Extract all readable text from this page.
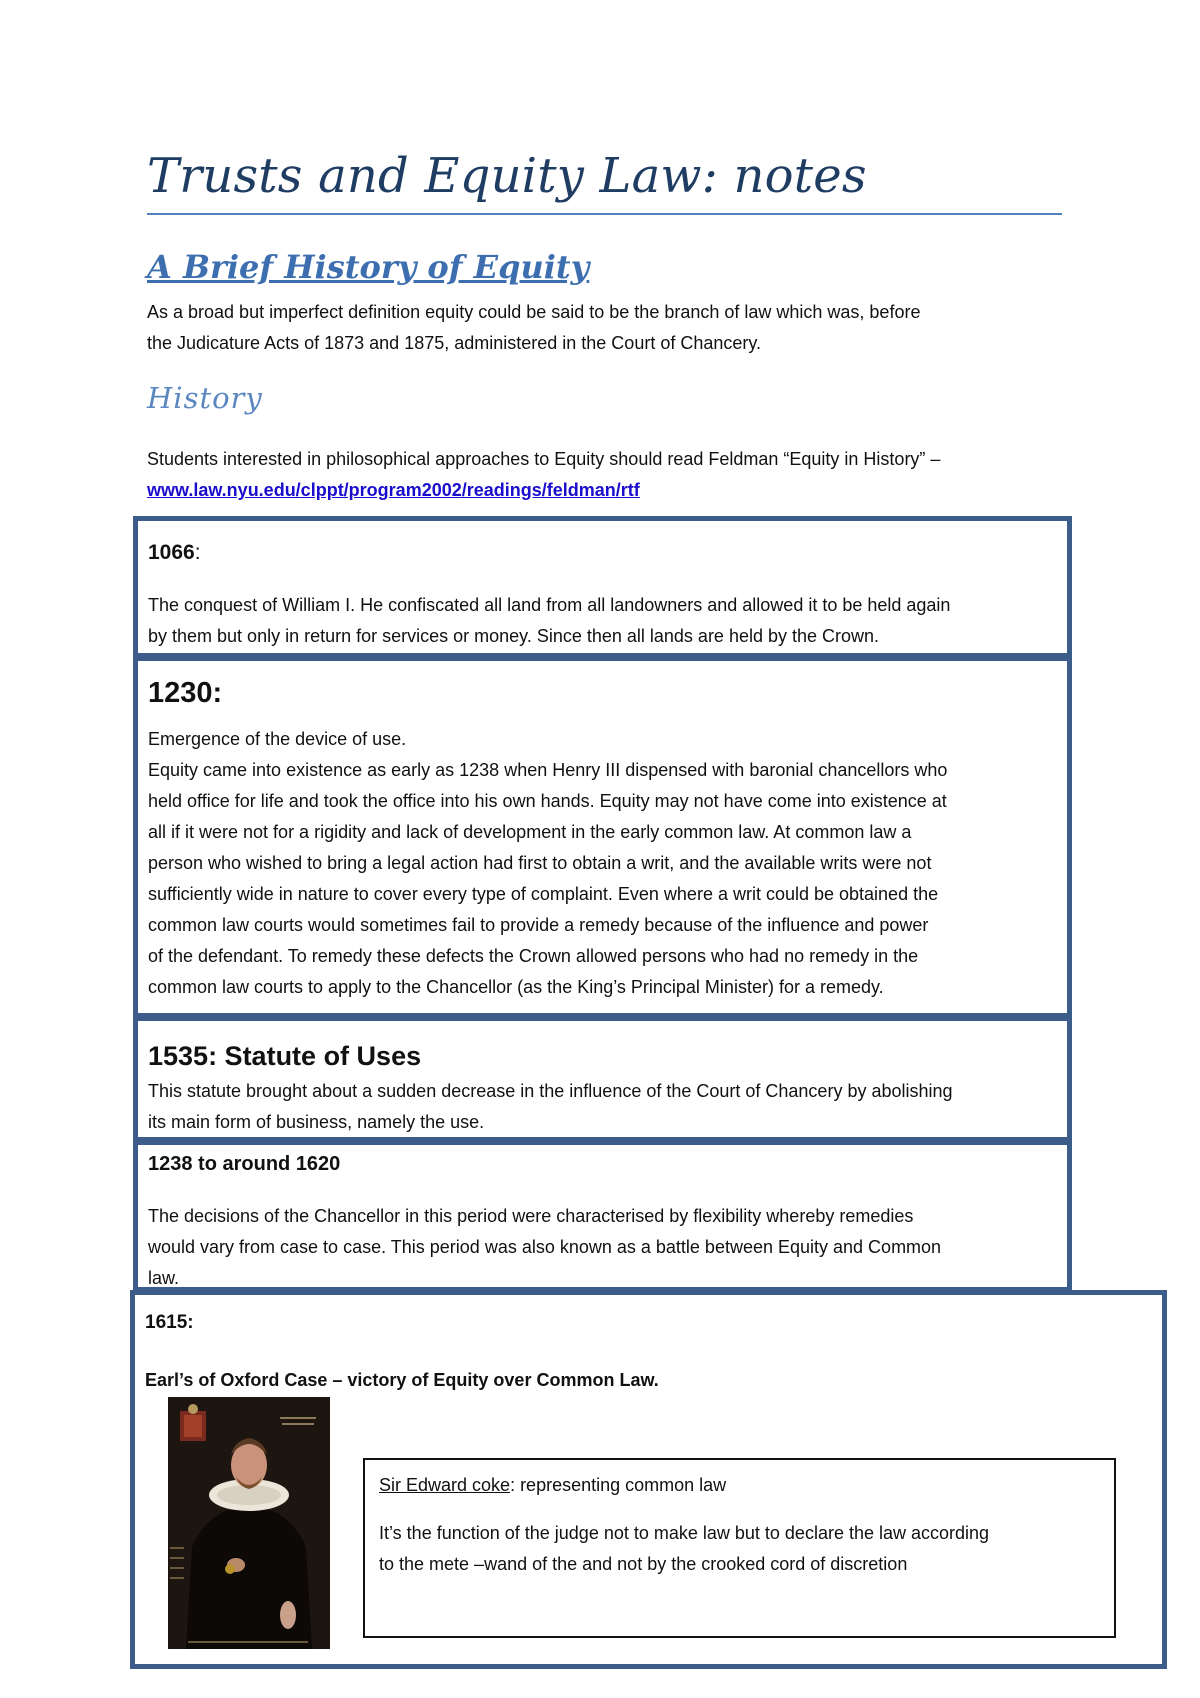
Trusts and Equity Law: notes
A Brief History of Equity

As a broad but imperfect definition equity could be said to be the branch of law which was, before
the Judicature Acts of 1873 and 1875, administered in the Court of Chancery.

History

Students interested in philosophical approaches to Equity should read Feldman “Equity in History” –
www.law.nyu.edu/clppt/program2002/readings/feldman/rtf

1066:

The conquest of William I. He confiscated all land from all landowners and allowed it to be held again
by them but only in return for services or money. Since then all lands are held by the Crown.

1230:

Emergence of the device of use.
Equity came into existence as early as 1238 when Henry III dispensed with baronial chancellors who
held office for life and took the office into his own hands. Equity may not have come into existence at
all if it were not for a rigidity and lack of development in the early common law. At common law a
person who wished to bring a legal action had first to obtain a writ, and the available writs were not
sufficiently wide in nature to cover every type of complaint. Even where a writ could be obtained the
common law courts would sometimes fail to provide a remedy because of the influence and power
of the defendant. To remedy these defects the Crown allowed persons who had no remedy in the
common law courts to apply to the Chancellor (as the King’s Principal Minister) for a remedy.

1535: Statute of Uses

This statute brought about a sudden decrease in the influence of the Court of Chancery by abolishing
its main form of business, namely the use.

1238 to around 1620

The decisions of the Chancellor in this period were characterised by flexibility whereby remedies
would vary from case to case. This period was also known as a battle between Equity and Common
law.

1615:

Earl’s of Oxford Case – victory of Equity over Common Law.

Sir Edward coke: representing common law

It’s the function of the judge not to make law but to declare the law according
to the mete –wand of the and not by the crooked cord of discretion
